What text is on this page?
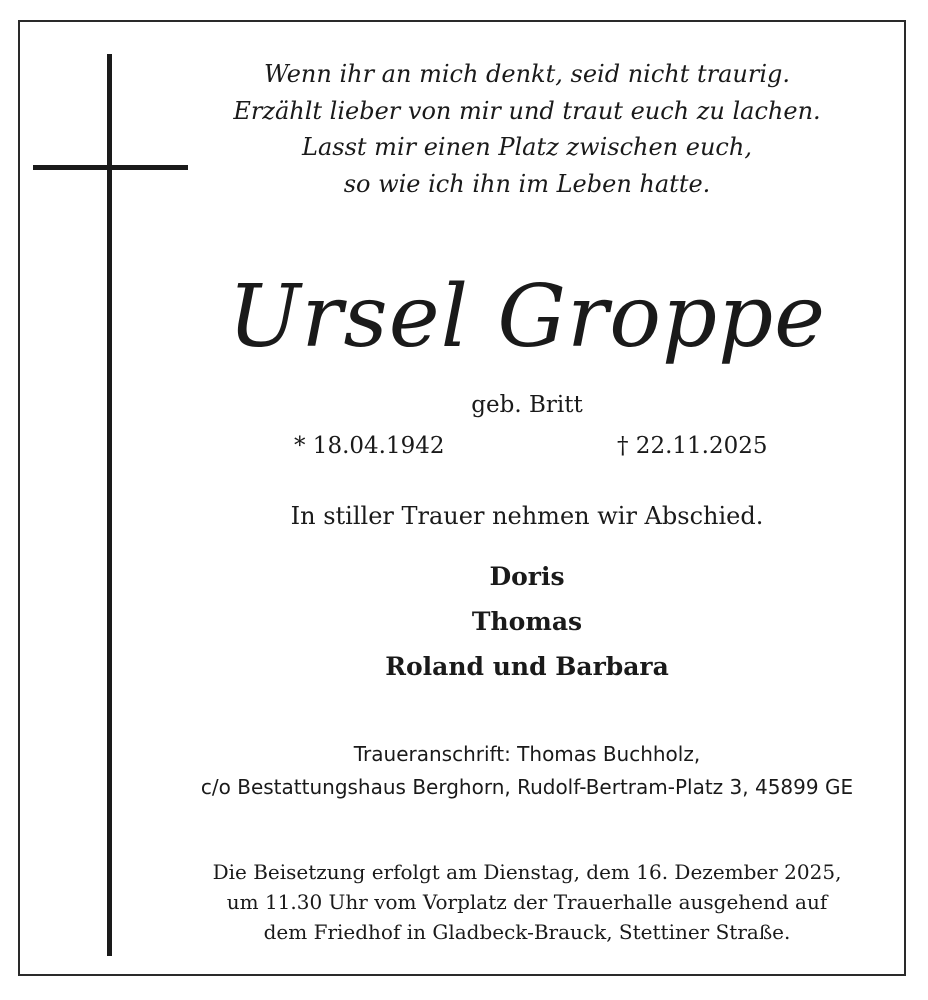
Wenn ihr an mich denkt, seid nicht traurig.
Erzählt lieber von mir und traut euch zu lachen.
Lasst mir einen Platz zwischen euch,
so wie ich ihn im Leben hatte.
Ursel Groppe
geb. Britt
* 18.04.1942	† 22.11.2025
In stiller Trauer nehmen wir Abschied.
Doris
Thomas
Roland und Barbara
Traueranschrift: Thomas Buchholz,
c/o Bestattungshaus Berghorn, Rudolf-Bertram-Platz 3, 45899 GE
Die Beisetzung erfolgt am Dienstag, dem 16. Dezember 2025,
um 11.30 Uhr vom Vorplatz der Trauerhalle ausgehend auf
dem Friedhof in Gladbeck-Brauck, Stettiner Straße.
